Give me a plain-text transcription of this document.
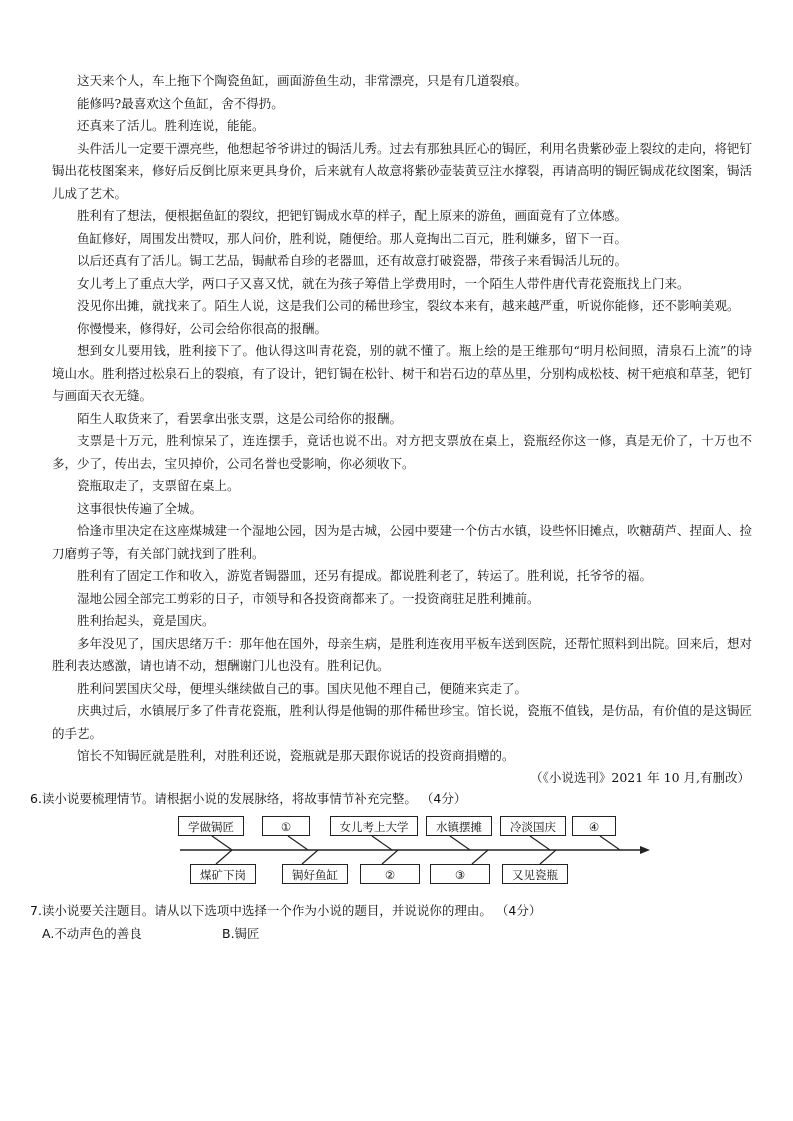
这天来个人，车上拖下个陶瓷鱼缸，画面游鱼生动，非常漂亮，只是有几道裂痕。

能修吗?最喜欢这个鱼缸，舍不得扔。

还真来了活儿。胜利连说，能能。

头件活儿一定要干漂亮些，他想起爷爷讲过的锔活儿秀。过去有那独具匠心的锔匠，利用名贵紫砂壶上裂纹的走向，将钯钉锔出花枝图案来，修好后反倒比原来更具身价，后来就有人故意将紫砂壶装黄豆注水撑裂，再请高明的锔匠锔成花纹图案，锔活儿成了艺术。

胜利有了想法，便根据鱼缸的裂纹，把钯钉锔成水草的样子，配上原来的游鱼，画面竟有了立体感。

鱼缸修好，周围发出赞叹，那人问价，胜利说，随便给。那人竟掏出二百元，胜利嫌多，留下一百。

以后还真有了活儿。锔工艺品，锔献希自珍的老器皿，还有故意打破瓷器，带孩子来看锔活儿玩的。

女儿考上了重点大学，两口子又喜又忧，就在为孩子筹借上学费用时，一个陌生人带件唐代青花瓷瓶找上门来。

没见你出摊，就找来了。陌生人说，这是我们公司的稀世珍宝，裂纹本来有，越来越严重，听说你能修，还不影响美观。

你慢慢来，修得好，公司会给你很高的报酬。

想到女儿要用钱，胜利接下了。他认得这叫青花瓷，别的就不懂了。瓶上绘的是王维那句“明月松间照，清泉石上流”的诗境山水。胜利搭过松泉石上的裂痕，有了设计，钯钉锔在松针、树干和岩石边的草丛里，分别构成松枝、树干疤痕和草茎，钯钉与画面天衣无缝。

陌生人取货来了，看罢拿出张支票，这是公司给你的报酬。

支票是十万元，胜利惊呆了，连连摆手，竟话也说不出。对方把支票放在桌上，瓷瓶经你这一修，真是无价了，十万也不多，少了，传出去，宝贝掉价，公司名誉也受影响，你必须收下。

瓷瓶取走了，支票留在桌上。

这事很快传遍了全城。

恰逢市里决定在这座煤城建一个湿地公园，因为是古城，公园中要建一个仿古水镇，设些怀旧摊点，吹糖葫芦、捏面人、捡刀磨剪子等，有关部门就找到了胜利。

胜利有了固定工作和收入，游览者锔器皿，还另有提成。都说胜利老了，转运了。胜利说，托爷爷的福。

湿地公园全部完工剪彩的日子，市领导和各投资商都来了。一投资商驻足胜利摊前。

胜利抬起头，竟是国庆。

多年没见了，国庆思绪万千：那年他在国外，母亲生病，是胜利连夜用平板车送到医院，还帮忙照料到出院。回来后，想对胜利表达感激，请也请不动，想酬谢门儿也没有。胜利记仇。

胜利问罢国庆父母，便埋头继续做自己的事。国庆见他不理自己，便随来宾走了。

庆典过后，水镇展厅多了件青花瓷瓶，胜利认得是他锔的那件稀世珍宝。馆长说，瓷瓶不值钱，是仿品，有价值的是这锔匠的手艺。

馆长不知锔匠就是胜利，对胜利还说，瓷瓶就是那天跟你说话的投资商捐赠的。

（《小说选刊》2021 年 10 月,有删改）

6.读小说要梳理情节。请根据小说的发展脉络，将故事情节补充完整。 （4分）

学做锔匠	①	女儿考上大学	水镇摆摊	冷淡国庆	④
煤矿下岗	锔好鱼缸	②	③	又见瓷瓶

7.读小说要关注题目。请从以下选项中选择一个作为小说的题目，并说说你的理由。 （4分）

A.不动声色的善良	B.锔匠
